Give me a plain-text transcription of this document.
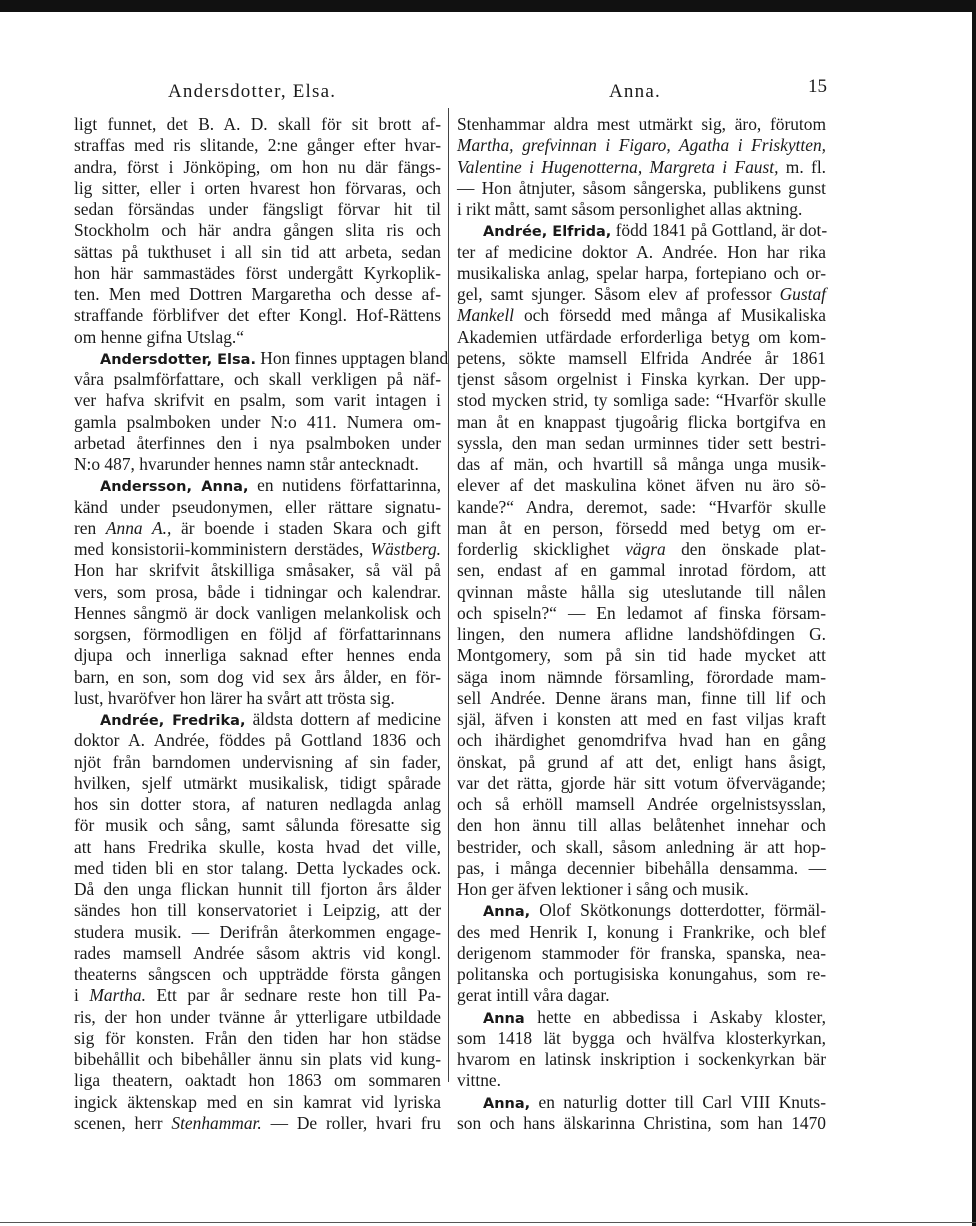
Andersdotter, Elsa.	Anna.	15
ligt funnet, det B. A. D. skall för sit brott af-
straffas med ris slitande, 2:ne gånger efter hvar-
andra, först i Jönköping, om hon nu där fängs-
lig sitter, eller i orten hvarest hon förvaras, och
sedan försändas under fängsligt förvar hit til
Stockholm och här andra gången slita ris och
sättas på tukthuset i all sin tid att arbeta, sedan
hon här sammastädes först undergått Kyrkoplik-
ten. Men med Dottren Margaretha och desse af-
straffande förblifver det efter Kongl. Hof-Rättens
om henne gifna Utslag.“
Andersdotter, Elsa. Hon finnes upptagen bland
våra psalmförfattare, och skall verkligen på näf-
ver hafva skrifvit en psalm, som varit intagen i
gamla psalmboken under N:o 411. Numera om-
arbetad återfinnes den i nya psalmboken under
N:o 487, hvarunder hennes namn står antecknadt.
Andersson, Anna, en nutidens författarinna,
känd under pseudonymen, eller rättare signatu-
ren Anna A., är boende i staden Skara och gift
med konsistorii-komministern derstädes, Wästberg.
Hon har skrifvit åtskilliga småsaker, så väl på
vers, som prosa, både i tidningar och kalendrar.
Hennes sångmö är dock vanligen melankolisk och
sorgsen, förmodligen en följd af författarinnans
djupa och innerliga saknad efter hennes enda
barn, en son, som dog vid sex års ålder, en för-
lust, hvaröfver hon lärer ha svårt att trösta sig.
Andrée, Fredrika, äldsta dottern af medicine
doktor A. Andrée, föddes på Gottland 1836 och
njöt från barndomen undervisning af sin fader,
hvilken, sjelf utmärkt musikalisk, tidigt spårade
hos sin dotter stora, af naturen nedlagda anlag
för musik och sång, samt sålunda föresatte sig
att hans Fredrika skulle, kosta hvad det ville,
med tiden bli en stor talang. Detta lyckades ock.
Då den unga flickan hunnit till fjorton års ålder
sändes hon till konservatoriet i Leipzig, att der
studera musik. — Derifrån återkommen engage-
rades mamsell Andrée såsom aktris vid kongl.
theaterns sångscen och uppträdde första gången
i Martha. Ett par år sednare reste hon till Pa-
ris, der hon under tvänne år ytterligare utbildade
sig för konsten. Från den tiden har hon städse
bibehållit och bibehåller ännu sin plats vid kung-
liga theatern, oaktadt hon 1863 om sommaren
ingick äktenskap med en sin kamrat vid lyriska
scenen, herr Stenhammar. — De roller, hvari fru
Stenhammar aldra mest utmärkt sig, äro, förutom
Martha, grefvinnan i Figaro, Agatha i Friskytten,
Valentine i Hugenotterna, Margreta i Faust, m. fl.
— Hon åtnjuter, såsom sångerska, publikens gunst
i rikt mått, samt såsom personlighet allas aktning.
Andrée, Elfrida, född 1841 på Gottland, är dot-
ter af medicine doktor A. Andrée. Hon har rika
musikaliska anlag, spelar harpa, fortepiano och or-
gel, samt sjunger. Såsom elev af professor Gustaf
Mankell och försedd med många af Musikaliska
Akademien utfärdade erforderliga betyg om kom-
petens, sökte mamsell Elfrida Andrée år 1861
tjenst såsom orgelnist i Finska kyrkan. Der upp-
stod mycken strid, ty somliga sade: “Hvarför skulle
man åt en knappast tjugoårig flicka bortgifva en
syssla, den man sedan urminnes tider sett bestri-
das af män, och hvartill så många unga musik-
elever af det maskulina könet äfven nu äro sö-
kande?“ Andra, deremot, sade: “Hvarför skulle
man åt en person, försedd med betyg om er-
forderlig skicklighet vägra den önskade plat-
sen, endast af en gammal inrotad fördom, att
qvinnan måste hålla sig uteslutande till nålen
och spiseln?“ — En ledamot af finska försam-
lingen, den numera aflidne landshöfdingen G.
Montgomery, som på sin tid hade mycket att
säga inom nämnde församling, förordade mam-
sell Andrée. Denne ärans man, finne till lif och
själ, äfven i konsten att med en fast viljas kraft
och ihärdighet genomdrifva hvad han en gång
önskat, på grund af att det, enligt hans åsigt,
var det rätta, gjorde här sitt votum öfvervägande;
och så erhöll mamsell Andrée orgelnistsysslan,
den hon ännu till allas belåtenhet innehar och
bestrider, och skall, såsom anledning är att hop-
pas, i många decennier bibehålla densamma. —
Hon ger äfven lektioner i sång och musik.
Anna, Olof Skötkonungs dotterdotter, förmäl-
des med Henrik I, konung i Frankrike, och blef
derigenom stammoder för franska, spanska, nea-
politanska och portugisiska konungahus, som re-
gerat intill våra dagar.
Anna hette en abbedissa i Askaby kloster,
som 1418 lät bygga och hvälfva klosterkyrkan,
hvarom en latinsk inskription i sockenkyrkan bär
vittne.
Anna, en naturlig dotter till Carl VIII Knuts-
son och hans älskarinna Christina, som han 1470
